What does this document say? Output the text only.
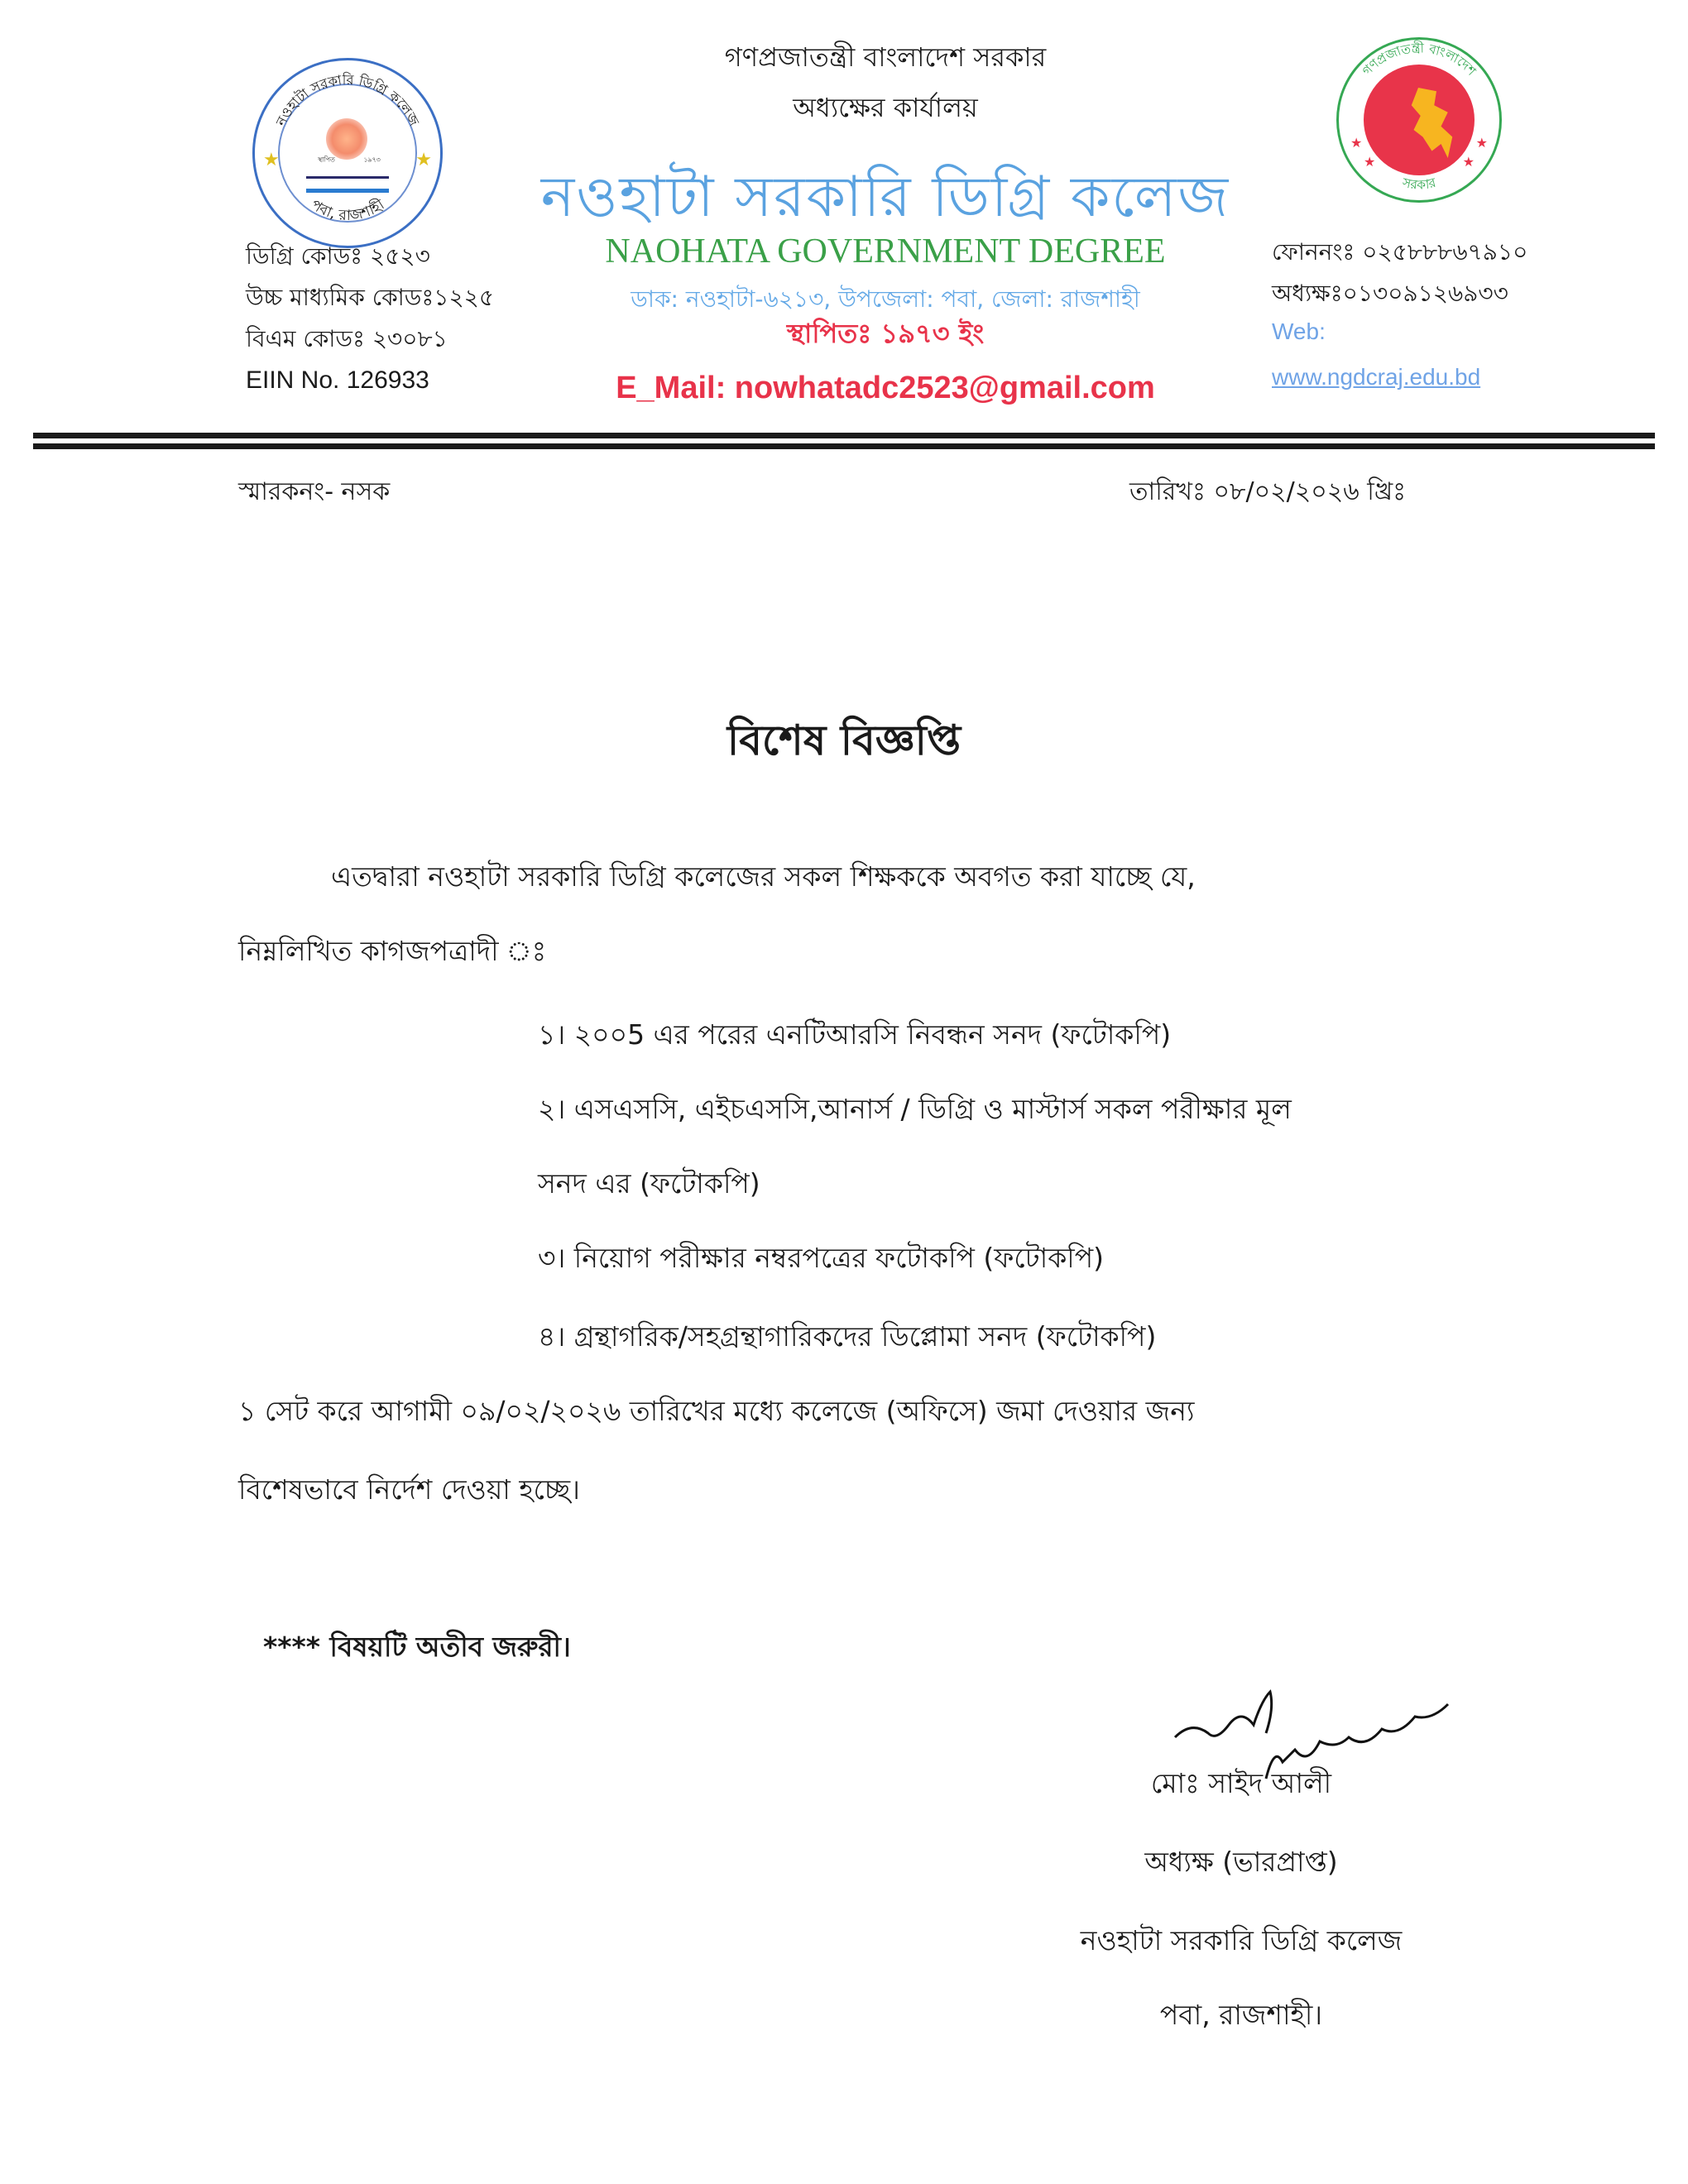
★	★
নওহাটা সরকারি ডিগ্রি কলেজ
পবা, রাজশাহী
স্থাপিত	১৯৭৩
★
★
★
★
গণপ্রজাতন্ত্রী বাংলাদেশ
সরকার
গণপ্রজাতন্ত্রী বাংলাদেশ সরকার
অধ্যক্ষের কার্যালয়
নওহাটা সরকারি ডিগ্রি কলেজ
NAOHATA GOVERNMENT DEGREE
ডাক: নওহাটা-৬২১৩, উপজেলা: পবা, জেলা: রাজশাহী
স্থাপিতঃ ১৯৭৩ ইং
E_Mail: nowhatadc2523@gmail.com
ডিগ্রি কোডঃ ২৫২৩
উচ্চ মাধ্যমিক কোডঃ১২২৫
বিএম কোডঃ ২৩০৮১
EIIN No. 126933
ফোননংঃ ০২৫৮৮৮৬৭৯১০
অধ্যক্ষঃ০১৩০৯১২৬৯৩৩
Web:
www.ngdcraj.edu.bd
স্মারকনং- নসক	তারিখঃ ০৮/০২/২০২৬ খ্রিঃ
বিশেষ বিজ্ঞপ্তি
এতদ্বারা নওহাটা সরকারি ডিগ্রি কলেজের সকল শিক্ষককে অবগত করা যাচ্ছে যে,
নিম্নলিখিত কাগজপত্রাদী ঃ
১। ২০০5 এর পরের এনটিআরসি নিবন্ধন সনদ (ফটোকপি)
২। এসএসসি, এইচএসসি,আনার্স / ডিগ্রি ও মাস্টার্স সকল পরীক্ষার মূল
সনদ এর (ফটোকপি)
৩। নিয়োগ পরীক্ষার নম্বরপত্রের ফটোকপি (ফটোকপি)
৪। গ্রন্থাগরিক/সহগ্রন্থাগারিকদের ডিপ্লোমা সনদ (ফটোকপি)
১ সেট করে আগামী ০৯/০২/২০২৬ তারিখের মধ্যে কলেজে (অফিসে) জমা দেওয়ার জন্য
বিশেষভাবে নির্দেশ দেওয়া হচ্ছে।
**** বিষয়টি অতীব জরুরী।
মোঃ সাইদ আলী
অধ্যক্ষ (ভারপ্রাপ্ত)
নওহাটা সরকারি ডিগ্রি কলেজ
পবা, রাজশাহী।
